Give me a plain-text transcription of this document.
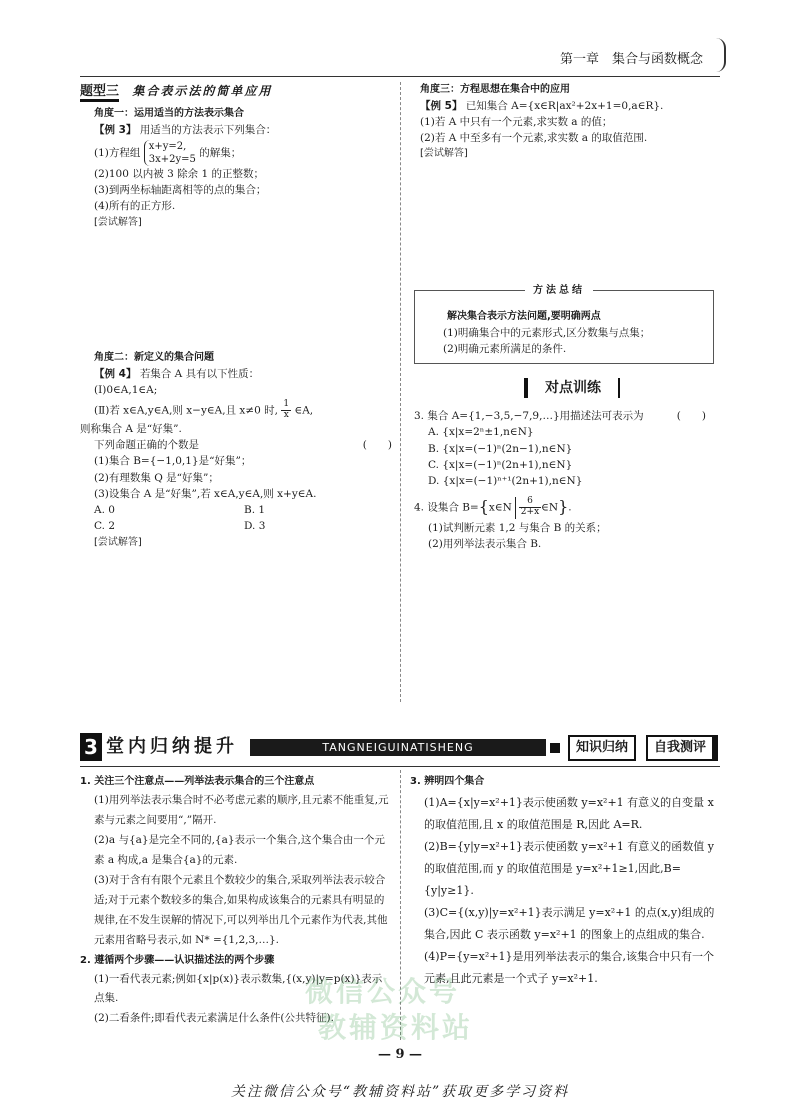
第一章　集合与函数概念
题型三 集合表示法的简单应用
角度一：运用适当的方法表示集合
【例 3】 用适当的方法表示下列集合：
(1)方程组
x+y=2,
3x+2y=5
的解集；
(2)100 以内被 3 除余 1 的正整数；
(3)到两坐标轴距离相等的点的集合；
(4)所有的正方形.
[尝试解答]
角度二：新定义的集合问题
【例 4】 若集合 A 具有以下性质：
(Ⅰ)0∈A,1∈A;
(Ⅱ)若 x∈A,y∈A,则 x−y∈A,且 x≠0 时, $\frac{1}{x}$ ∈A,
则称集合 A 是“好集”.
下列命题正确的个数是	(　　)
(1)集合 B={−1,0,1}是“好集”；
(2)有理数集 Q 是“好集”；
(3)设集合 A 是“好集”,若 x∈A,y∈A,则 x+y∈A.
A. 0	B. 1
C. 2	D. 3
[尝试解答]
角度三：方程思想在集合中的应用
【例 5】 已知集合 A={x∈R|ax²+2x+1=0,a∈R}.
(1)若 A 中只有一个元素,求实数 a 的值；
(2)若 A 中至多有一个元素,求实数 a 的取值范围.
[尝试解答]
方法总结
解决集合表示方法问题,要明确两点
(1)明确集合中的元素形式,区分数集与点集；
(2)明确元素所满足的条件.
对点训练
3. 集合 A={1,−3,5,−7,9,…}用描述法可表示为	(　　)
A. {x|x=2ⁿ±1,n∈N}
B. {x|x=(−1)ⁿ(2n−1),n∈N}
C. {x|x=(−1)ⁿ(2n+1),n∈N}
D. {x|x=(−1)ⁿ⁺¹(2n+1),n∈N}
4. 设集合 B={x∈N $\frac{6}{2+x}$ ∈N}.
(1)试判断元素 1,2 与集合 B 的关系；
(2)用列举法表示集合 B.
3 堂内归纳提升	TANGNEIGUINATISHENG	知识归纳	自我测评
1. 关注三个注意点——列举法表示集合的三个注意点
(1)用列举法表示集合时不必考虑元素的顺序,且元素不能重复,元素与元素之间要用“,”隔开.
(2)a 与{a}是完全不同的,{a}表示一个集合,这个集合由一个元素 a 构成,a 是集合{a}的元素.
(3)对于含有有限个元素且个数较少的集合,采取列举法表示较合适;对于元素个数较多的集合,如果构成该集合的元素具有明显的规律,在不发生误解的情况下,可以列举出几个元素作为代表,其他元素用省略号表示,如 N* ={1,2,3,…}.
2. 遵循两个步骤——认识描述法的两个步骤
(1)一看代表元素;例如{x|p(x)}表示数集,{(x,y)|y=p(x)}表示点集.
(2)二看条件;即看代表元素满足什么条件(公共特征).
3. 辨明四个集合
(1)A={x|y=x²+1}表示使函数 y=x²+1 有意义的自变量 x 的取值范围,且 x 的取值范围是 R,因此 A=R.
(2)B={y|y=x²+1}表示使函数 y=x²+1 有意义的函数值 y 的取值范围,而 y 的取值范围是 y=x²+1≥1,因此,B={y|y≥1}.
(3)C={(x,y)|y=x²+1}表示满足 y=x²+1 的点(x,y)组成的集合,因此 C 表示函数 y=x²+1 的图象上的点组成的集合.
(4)P={y=x²+1}是用列举法表示的集合,该集合中只有一个元素,且此元素是一个式子 y=x²+1.
微信公众号
教辅资料站
— 9 —
关注微信公众号“教辅资料站”获取更多学习资料
